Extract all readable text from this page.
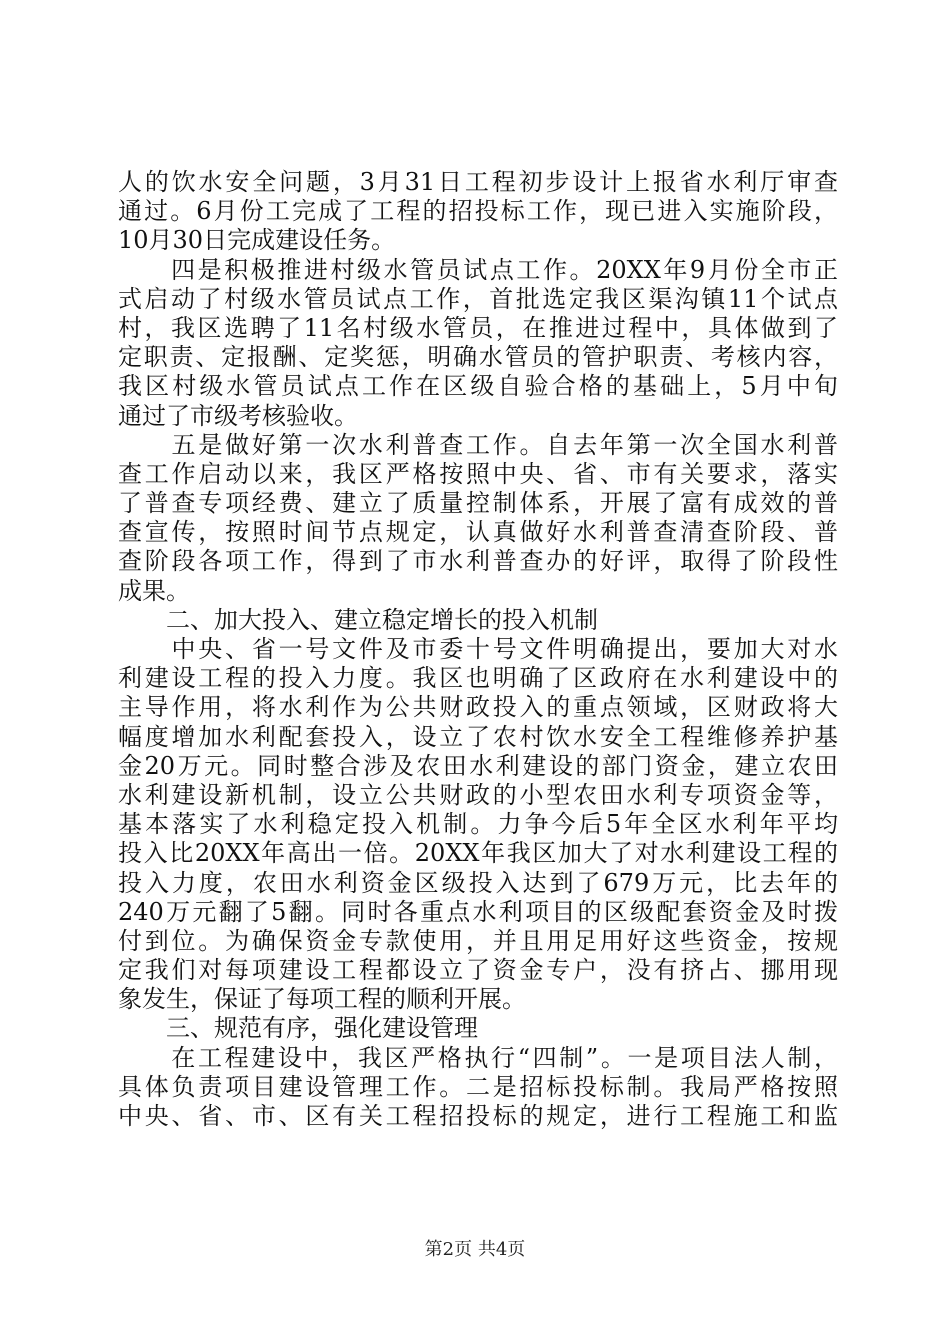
人的饮水安全问题，3月31日工程初步设计上报省水利厅审查
通过。6月份工完成了工程的招投标工作，现已进入实施阶段，
10月30日完成建设任务。
　　四是积极推进村级水管员试点工作。20XX年9月份全市正
式启动了村级水管员试点工作，首批选定我区渠沟镇11个试点
村，我区选聘了11名村级水管员，在推进过程中，具体做到了
定职责、定报酬、定奖惩，明确水管员的管护职责、考核内容，
我区村级水管员试点工作在区级自验合格的基础上，5月中旬
通过了市级考核验收。
　　五是做好第一次水利普查工作。自去年第一次全国水利普
查工作启动以来，我区严格按照中央、省、市有关要求，落实
了普查专项经费、建立了质量控制体系，开展了富有成效的普
查宣传，按照时间节点规定，认真做好水利普查清查阶段、普
查阶段各项工作，得到了市水利普查办的好评，取得了阶段性
成果。
　　二、加大投入、建立稳定增长的投入机制
　　中央、省一号文件及市委十号文件明确提出，要加大对水
利建设工程的投入力度。我区也明确了区政府在水利建设中的
主导作用，将水利作为公共财政投入的重点领域，区财政将大
幅度增加水利配套投入，设立了农村饮水安全工程维修养护基
金20万元。同时整合涉及农田水利建设的部门资金，建立农田
水利建设新机制，设立公共财政的小型农田水利专项资金等，
基本落实了水利稳定投入机制。力争今后5年全区水利年平均
投入比20XX年高出一倍。20XX年我区加大了对水利建设工程的
投入力度，农田水利资金区级投入达到了679万元，比去年的
240万元翻了5翻。同时各重点水利项目的区级配套资金及时拨
付到位。为确保资金专款使用，并且用足用好这些资金，按规
定我们对每项建设工程都设立了资金专户，没有挤占、挪用现
象发生，保证了每项工程的顺利开展。
　　三、规范有序，强化建设管理
　　在工程建设中，我区严格执行“四制”。一是项目法人制，
具体负责项目建设管理工作。二是招标投标制。我局严格按照
中央、省、市、区有关工程招投标的规定，进行工程施工和监
第2页 共4页
